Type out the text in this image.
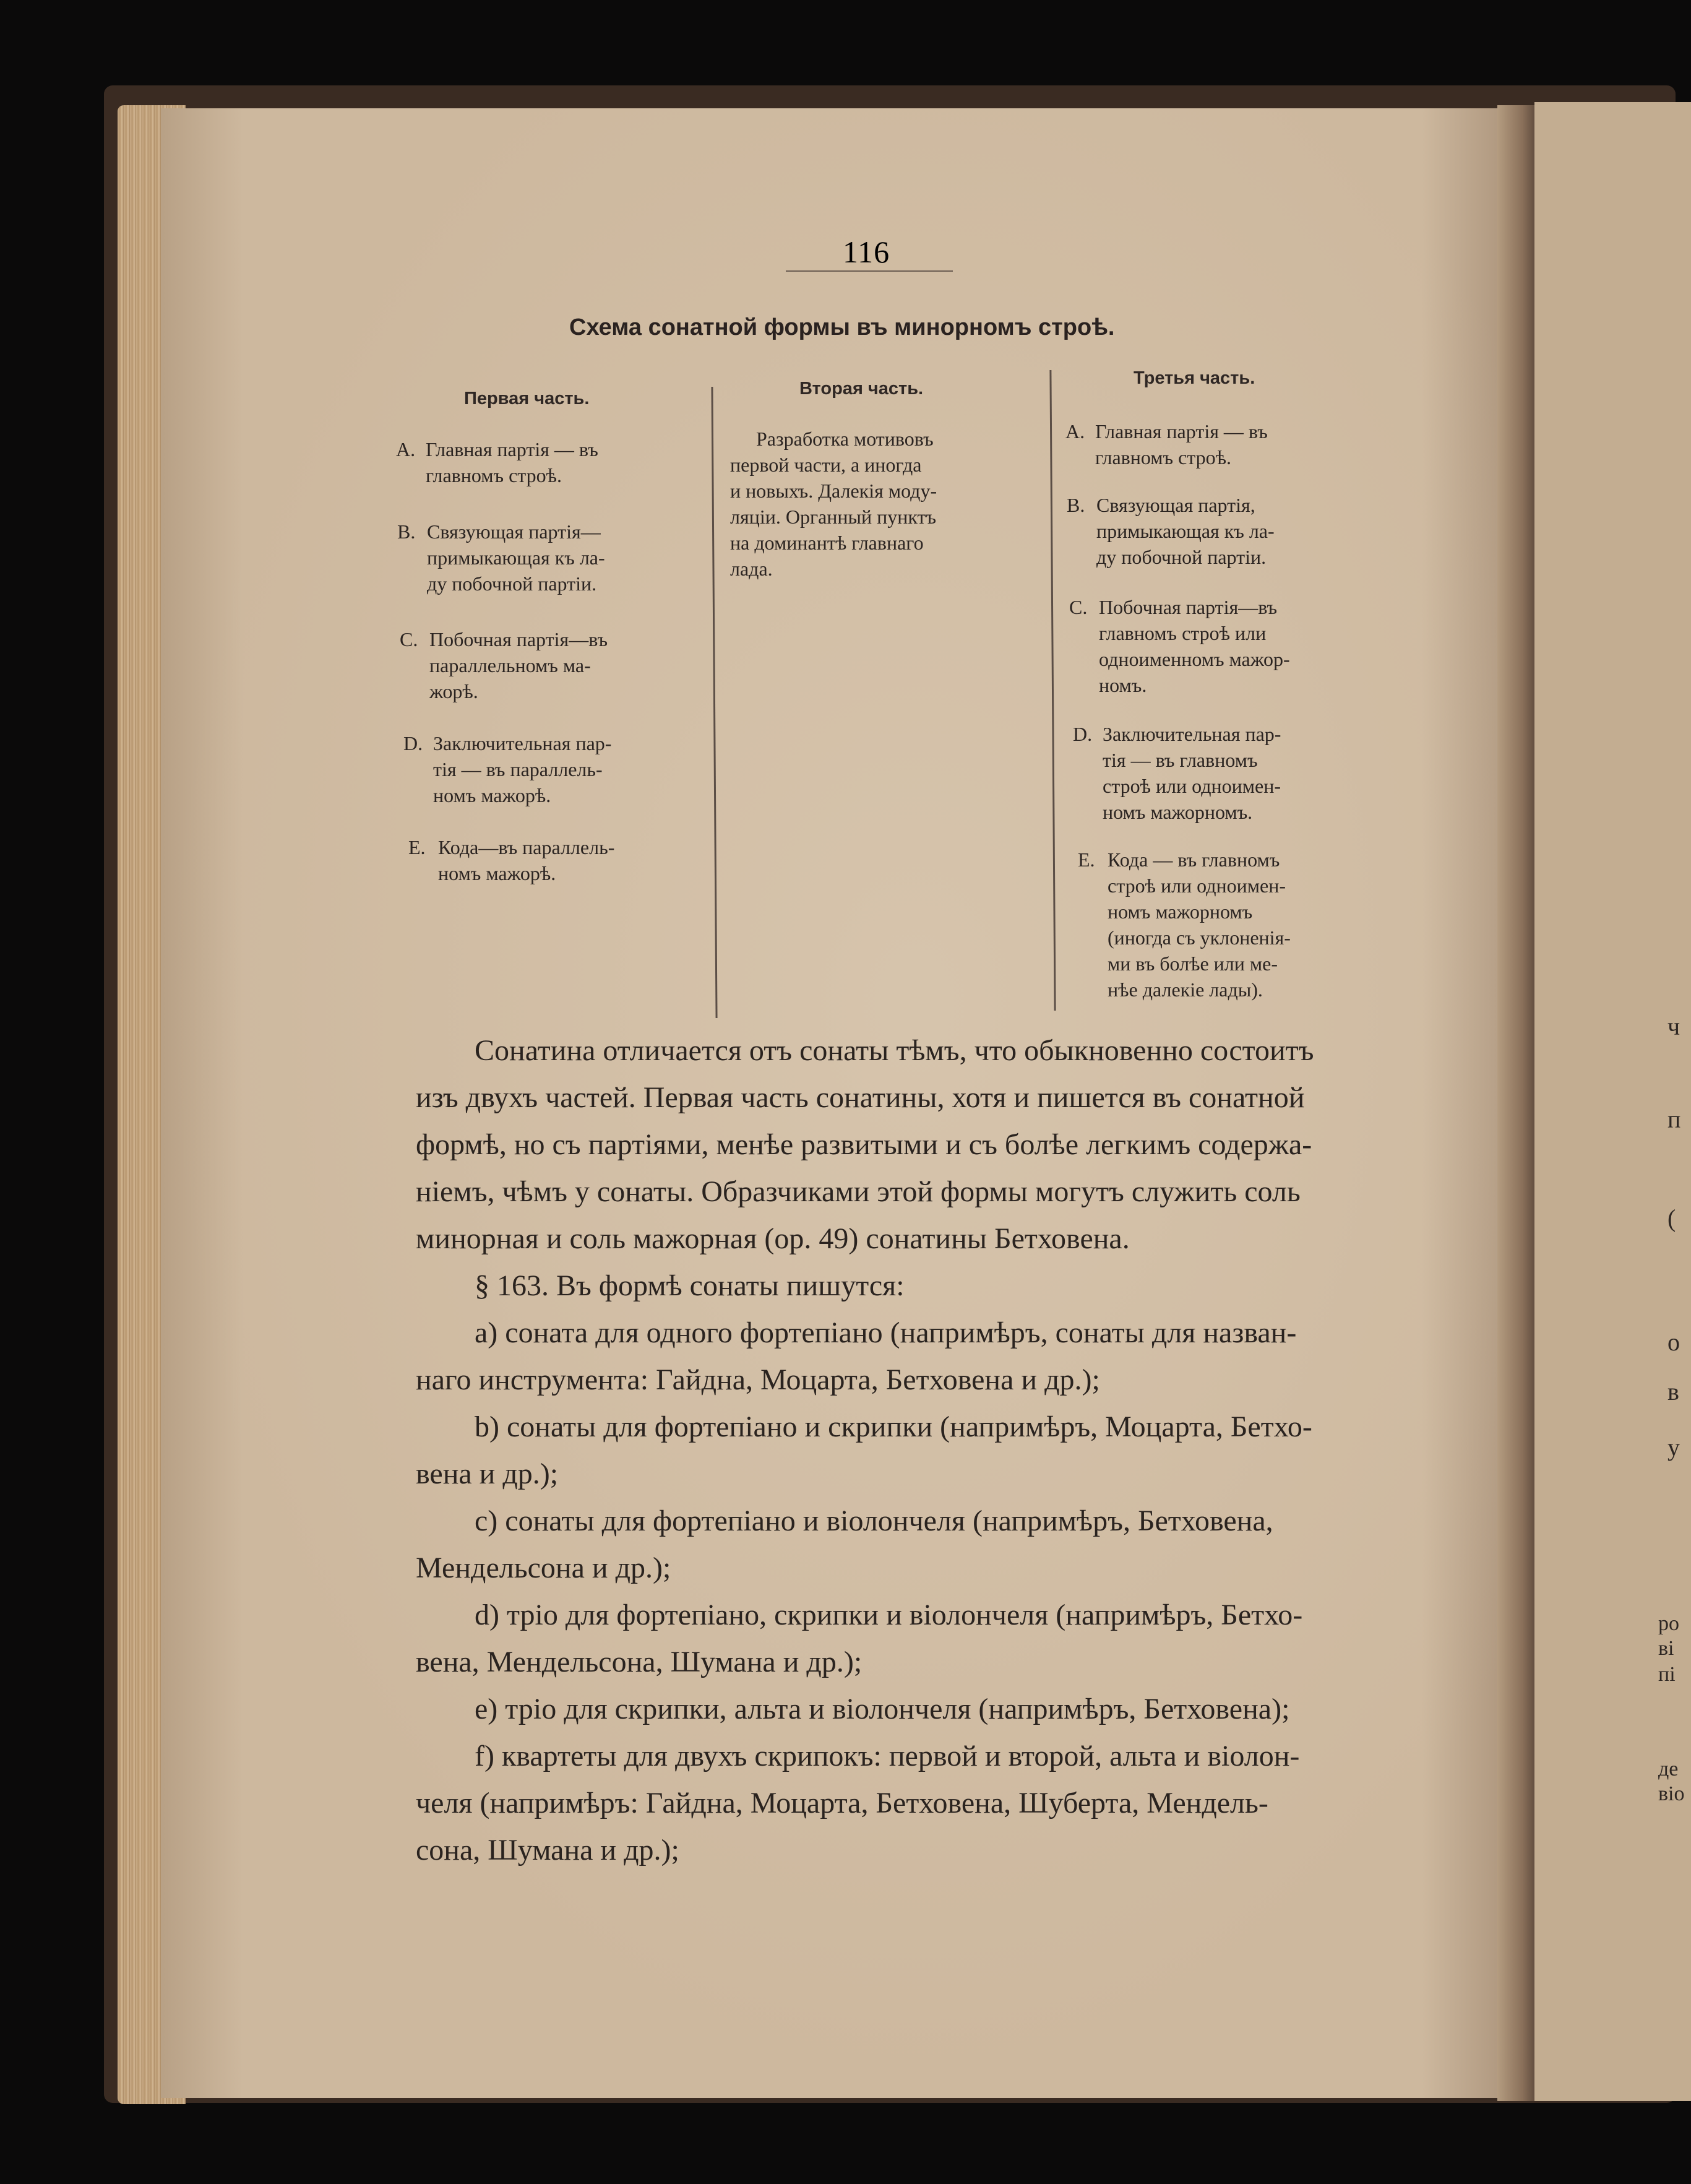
ч
п
(
о
в
у
ро
ві
пі
де
віо
116
Схема сонатной формы въ минорномъ строѣ.
Первая часть.	Вторая часть.
Третья часть.
A. Главная партія — въ
главномъ строѣ.
B. Связующая партія—
примыкающая къ ла-
ду побочной партіи.
C. Побочная партія—въ
параллельномъ ма-
жорѣ.
D. Заключительная пар-
тія — въ параллель-
номъ мажорѣ.
E. Кода—въ параллель-
номъ мажорѣ.
Разработка мотивовъ
первой части, а иногда
и новыхъ. Далекія моду-
ляціи. Органный пунктъ
на доминантѣ главнаго
лада.
A. Главная партія — въ
главномъ строѣ.
B. Связующая партія,
примыкающая къ ла-
ду побочной партіи.
C. Побочная партія—въ
главномъ строѣ или
одноименномъ мажор-
номъ.
D. Заключительная пар-
тія — въ главномъ
строѣ или одноимен-
номъ мажорномъ.
E. Кода — въ главномъ
строѣ или одноимен-
номъ мажорномъ
(иногда съ уклоненія-
ми въ болѣе или ме-
нѣе далекіе лады).
Сонатина отличается отъ сонаты тѣмъ, что обыкновенно состоитъ
изъ двухъ частей. Первая часть сонатины, хотя и пишется въ сонатной
формѣ, но съ партіями, менѣе развитыми и съ болѣе легкимъ содержа-
ніемъ, чѣмъ у сонаты. Образчиками этой формы могутъ служить соль
минорная и соль мажорная (ор. 49) сонатины Бетховена.
§ 163. Въ формѣ сонаты пишутся:
a) соната для одного фортепіано (напримѣръ, сонаты для назван-
наго инструмента: Гайдна, Моцарта, Бетховена и др.);
b) сонаты для фортепіано и скрипки (напримѣръ, Моцарта, Бетхо-
вена и др.);
c) сонаты для фортепіано и віолончеля (напримѣръ, Бетховена,
Мендельсона и др.);
d) тріо для фортепіано, скрипки и віолончеля (напримѣръ, Бетхо-
вена, Мендельсона, Шумана и др.);
e) тріо для скрипки, альта и віолончеля (напримѣръ, Бетховена);
f) квартеты для двухъ скрипокъ: первой и второй, альта и віолон-
челя (напримѣръ: Гайдна, Моцарта, Бетховена, Шуберта, Мендель-
сона, Шумана и др.);
